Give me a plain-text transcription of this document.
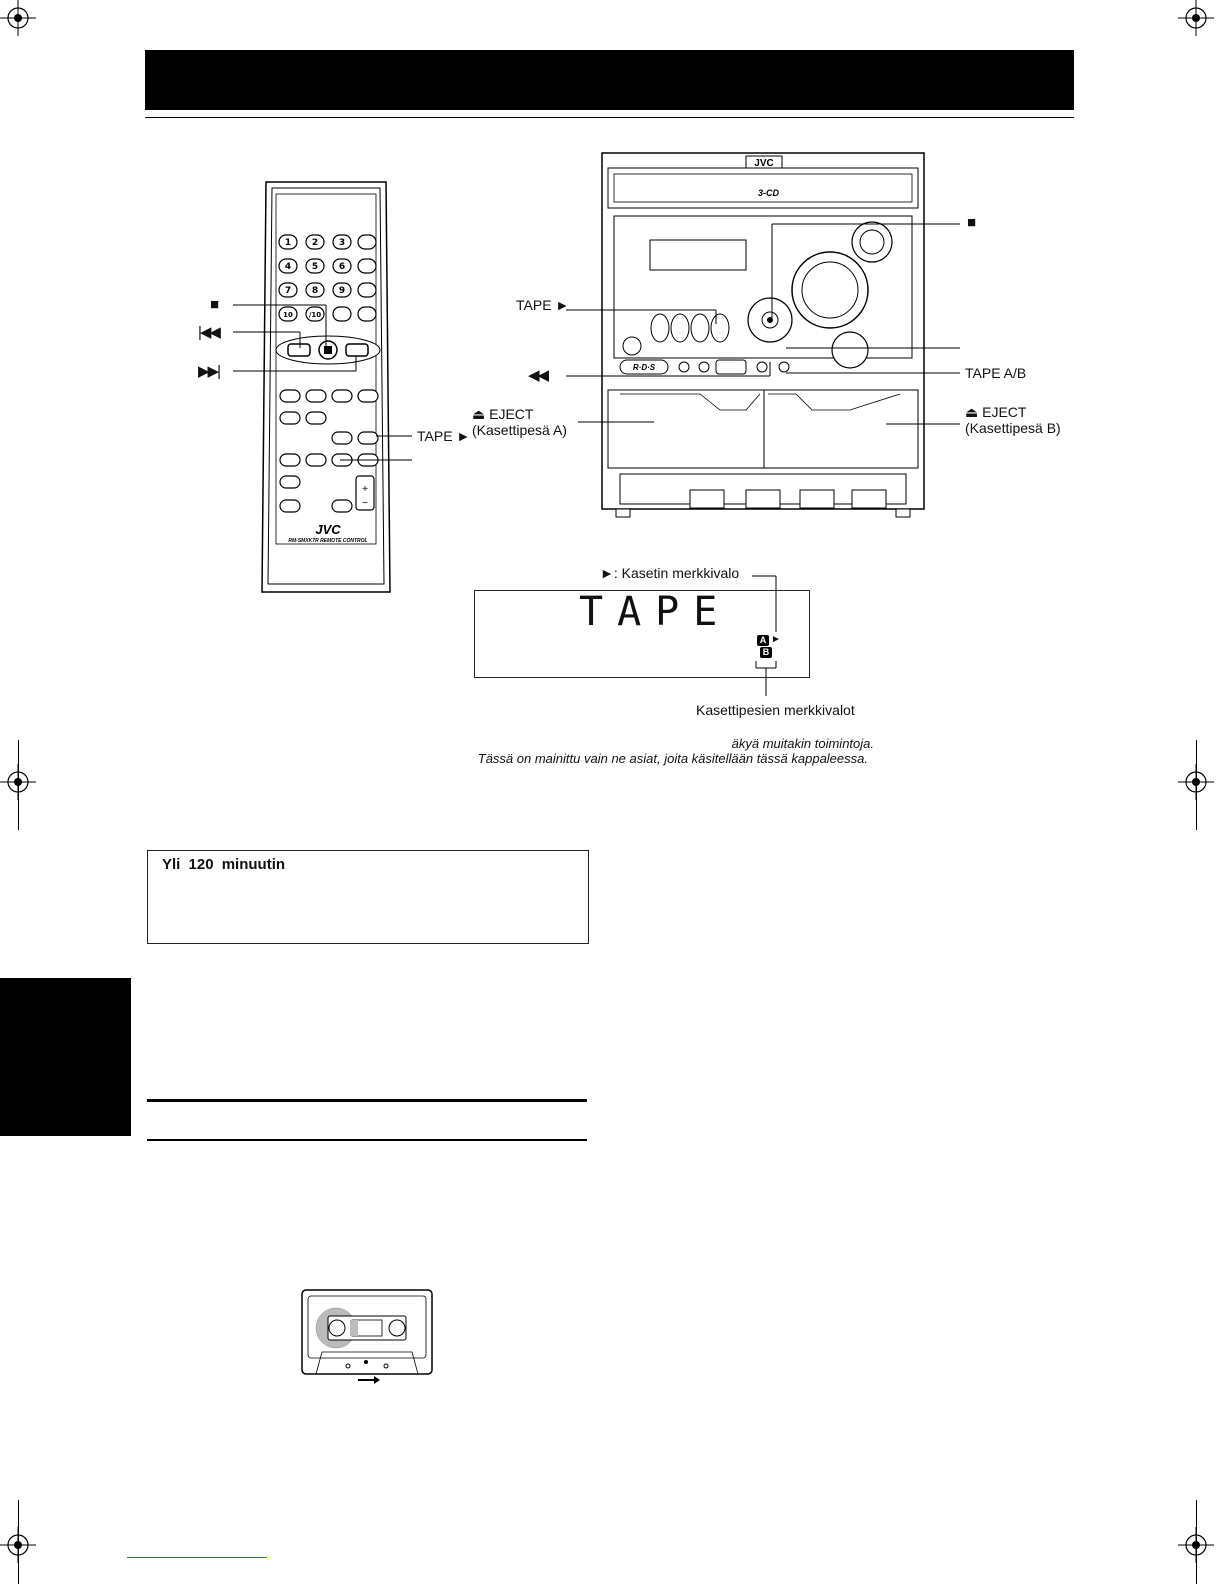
1 2 3
4 5 6
7 8 9
10 /10
+
−
JVC
RM-SMXK7R REMOTE CONTROL
JVC
3-CD
R·D·S
■
|◀◀
▶▶|
TAPE ►
TAPE ►
◀◀
⏏ EJECT
(Kasettipesä A)
■
TAPE A/B
⏏ EJECT
(Kasettipesä B)
►: Kasetin merkkivalo
TAPE
A ►
B
Kasettipesien merkkivalot
äkyä muitakin toimintoja.
Tässä on mainittu vain ne asiat, joita käsitellään tässä kappaleessa.
Yli 120 minuutin
